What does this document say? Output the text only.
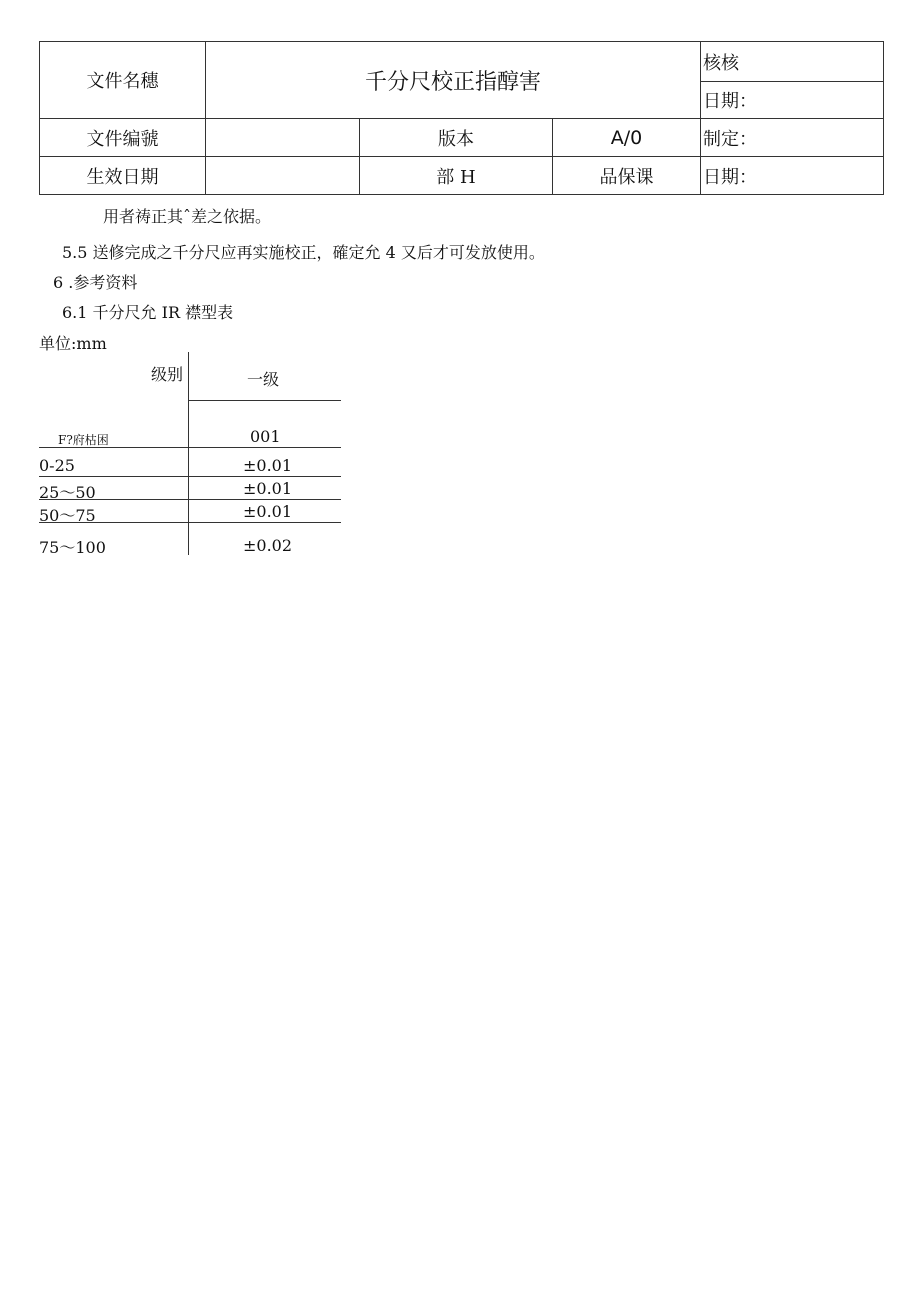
文件名穗	千分尺校正指醇害			核核
				日期：
文件编虢		版本	A/0	制定：
生效日期		部 H	品保课	日期：
用者祷正其ˆ差之依据。
5.5 送修完成之千分尺应再实施校正，確定允 4 又后才可发放使用。
6 .参考资料
6.1 千分尺允 IR 襟型表
单位:mm
级别	一级
F?府枯困	001
0-25	±0.01
25～50	±0.01
50～75	±0.01
75～100	±0.02
